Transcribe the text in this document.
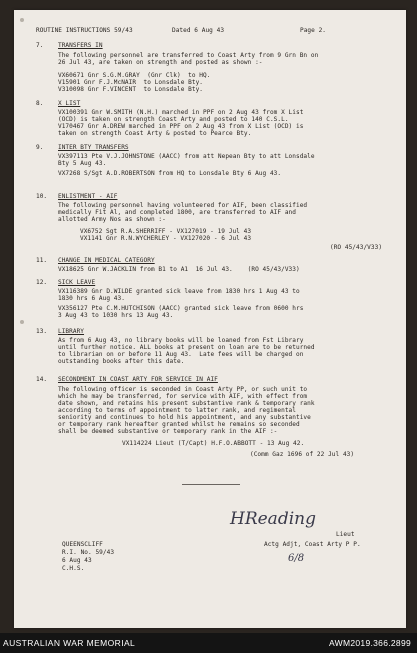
ROUTINE INSTRUCTIONS 59/43	Dated 6 Aug 43	Page 2.
7. TRANSFERS IN
The following personnel are transferred to Coast Arty from 9 Grn Bn on
26 Jul 43, are taken on strength and posted as shown :-
VX60671 Gnr S.G.M.GRAY  (Gnr Clk)  to HQ.
V15901 Gnr F.J.McNAIR  to Lonsdale Bty.
V310098 Gnr F.VINCENT  to Lonsdale Bty.
8. X LIST
VX100391 Gnr W.SMITH (N.H.) marched in PPF on 2 Aug 43 from X List
(OCD) is taken on strength Coast Arty and posted to 140 C.S.L.
V170467 Gnr A.DREW marched in PPF on 2 Aug 43 from X List (OCD) is
taken on strength Coast Arty & posted to Pearce Bty.
9. INTER BTY TRANSFERS
VX397113 Pte V.J.JOHNSTONE (AACC) from att Nepean Bty to att Lonsdale
Bty 5 Aug 43.
VX7268 S/Sgt A.D.ROBERTSON from HQ to Lonsdale Bty 6 Aug 43.
10. ENLISTMENT - AIF
The following personnel having volunteered for AIF, been classified
medically Fit Al, and completed 1800, are transferred to AIF and
allotted Army Nos as shown :-
VX6752 Sgt R.A.SHERRIFF - VX127019 - 19 Jul 43
VX1141 Gnr R.N.WYCHERLEY - VX127020 - 6 Jul 43
(RO 45/43/V33)
11. CHANGE IN MEDICAL CATEGORY
VX18625 Gnr W.JACKLIN from B1 to A1  16 Jul 43.    (RO 45/43/V33)
12. SICK LEAVE
VX116389 Gnr D.WILDE granted sick leave from 1830 hrs 1 Aug 43 to
1830 hrs 6 Aug 43.
VX356127 Pte C.M.HUTCHISON (AACC) granted sick leave from 0600 hrs
3 Aug 43 to 1030 hrs 13 Aug 43.
13. LIBRARY
As from 6 Aug 43, no library books will be loaned from Fst Library
until further notice. ALL books at present on loan are to be returned
to librarian on or before 11 Aug 43.  Late fees will be charged on
outstanding books after this date.
14. SECONDMENT IN COAST ARTY FOR SERVICE IN AIF
The following officer is seconded in Coast Arty PP, or such unit to
which he may be transferred, for service with AIF, with effect from
date shown, and retains his present substantive rank & temporary rank
according to terms of appointment to latter rank, and regimental
seniority and continues to hold his appointment, and any substantive
or temporary rank hereafter granted whilst he remains so seconded
shall be deemed substantive or temporary rank in the AIF :-
VX114224 Lieut (T/Capt) H.F.O.ABBOTT - 13 Aug 42.
(Comm Gaz 1696 of 22 Jul 43)
HReading
Lieut
Actg Adjt, Coast Arty P P.
6/8
QUEENSCLIFF
R.I. No. 59/43
6 Aug 43
C.H.S.
AUSTRALIAN WAR MEMORIAL	AWM2019.366.2899
